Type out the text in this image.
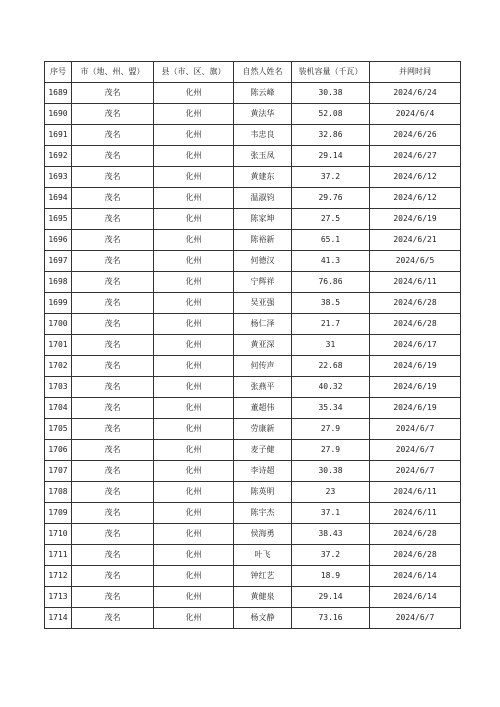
序号	市（地、州、盟）	县（市、区、旗）	自然人姓名	装机容量（千瓦）	并网时间
1689	茂名	化州	陈云峰	30.38	2024/6/24
1690	茂名	化州	黄法华	52.08	2024/6/4
1691	茂名	化州	韦忠良	32.86	2024/6/26
1692	茂名	化州	张玉凤	29.14	2024/6/27
1693	茂名	化州	黄建东	37.2	2024/6/12
1694	茂名	化州	温淑钧	29.76	2024/6/12
1695	茂名	化州	陈家坤	27.5	2024/6/19
1696	茂名	化州	陈裕新	65.1	2024/6/21
1697	茂名	化州	何德汉	41.3	2024/6/5
1698	茂名	化州	宁辉祥	76.86	2024/6/11
1699	茂名	化州	吴亚强	38.5	2024/6/28
1700	茂名	化州	杨仁泽	21.7	2024/6/28
1701	茂名	化州	黄亚深	31	2024/6/17
1702	茂名	化州	何传声	22.68	2024/6/19
1703	茂名	化州	张燕平	40.32	2024/6/19
1704	茂名	化州	董超伟	35.34	2024/6/19
1705	茂名	化州	劳康新	27.9	2024/6/7
1706	茂名	化州	麦子健	27.9	2024/6/7
1707	茂名	化州	李诗超	30.38	2024/6/7
1708	茂名	化州	陈英明	23	2024/6/11
1709	茂名	化州	陈宇杰	37.1	2024/6/11
1710	茂名	化州	侯海勇	38.43	2024/6/28
1711	茂名	化州	叶飞	37.2	2024/6/28
1712	茂名	化州	钟红艺	18.9	2024/6/14
1713	茂名	化州	黄健泉	29.14	2024/6/14
1714	茂名	化州	杨文静	73.16	2024/6/7
